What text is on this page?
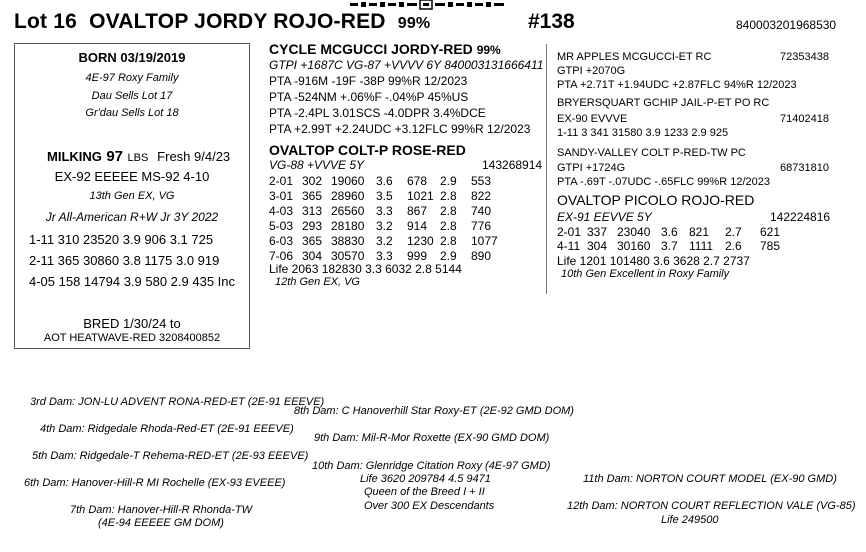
Lot 16 OVALTOP JORDY ROJO-RED 99%	#138	840003201968530
BORN 03/19/2019
4E-97 Roxy Family
Dau Sells Lot 17
Gr'dau Sells Lot 18
MILKING 97 LBS Fresh 9/4/23
EX-92 EEEEE MS-92 4-10
13th Gen EX, VG
Jr All-American R+W Jr 3Y 2022
1-11 310 23520 3.9 906 3.1 725
2-11 365 30860 3.8 1175 3.0 919
4-05 158 14794 3.9 580 2.9 435 Inc
BRED 1/30/24 to
AOT HEATWAVE-RED 3208400852
CYCLE MCGUCCI JORDY-RED 99%
GTPI +1687C VG-87 +VVVV 6Y 840003131666411
PTA -916M -19F -38P 99%R 12/2023
PTA -524NM +.06%F -.04%P 45%US
PTA -2.4PL 3.01SCS -4.0DPR 3.4%DCE
PTA +2.99T +2.24UDC +3.12FLC 99%R 12/2023
OVALTOP COLT-P ROSE-RED
VG-88 +VVVE 5Y	143268914
2-01 302 19060 3.6 678 2.9 553
3-01 365 28960 3.5 1021 2.8 822
4-03 313 26560 3.3 867 2.8 740
5-03 293 28180 3.2 914 2.8 776
6-03 365 38830 3.2 1230 2.8 1077
7-06 304 30570 3.3 999 2.9 890
Life 2063 182830 3.3 6032 2.8 5144
12th Gen EX, VG
MR APPLES MCGUCCI-ET RC	72353438
GTPI +2070G
PTA +2.71T +1.94UDC +2.87FLC 94%R 12/2023
BRYERSQUART GCHIP JAIL-P-ET PO RC
EX-90 EVVVE	71402418
1-11 3 341 31580 3.9 1233 2.9 925
SANDY-VALLEY COLT P-RED-TW PC
GTPI +1724G	68731810
PTA -.69T -.07UDC -.65FLC 99%R 12/2023
OVALTOP PICOLO ROJO-RED
EX-91 EEVVE 5Y	142224816
2-01 337 23040 3.6 821 2.7 621
4-11 304 30160 3.7 1111 2.6 785
Life 1201 101480 3.6 3628 2.7 2737
10th Gen Excellent in Roxy Family
3rd Dam: JON-LU ADVENT RONA-RED-ET (2E-91 EEEVE)
4th Dam: Ridgedale Rhoda-Red-ET (2E-91 EEEVE)
5th Dam: Ridgedale-T Rehema-RED-ET (2E-93 EEEVE)
6th Dam: Hanover-Hill-R MI Rochelle (EX-93 EVEEE)
7th Dam: Hanover-Hill-R Rhonda-TW
(4E-94 EEEEE GM DOM)
8th Dam: C Hanoverhill Star Roxy-ET (2E-92 GMD DOM)
9th Dam: Mil-R-Mor Roxette (EX-90 GMD DOM)
10th Dam: Glenridge Citation Roxy (4E-97 GMD)
Life 3620 209784 4.5 9471
Queen of the Breed I + II
Over 300 EX Descendants
11th Dam: NORTON COURT MODEL (EX-90 GMD)
12th Dam: NORTON COURT REFLECTION VALE (VG-85)
Life 249500
